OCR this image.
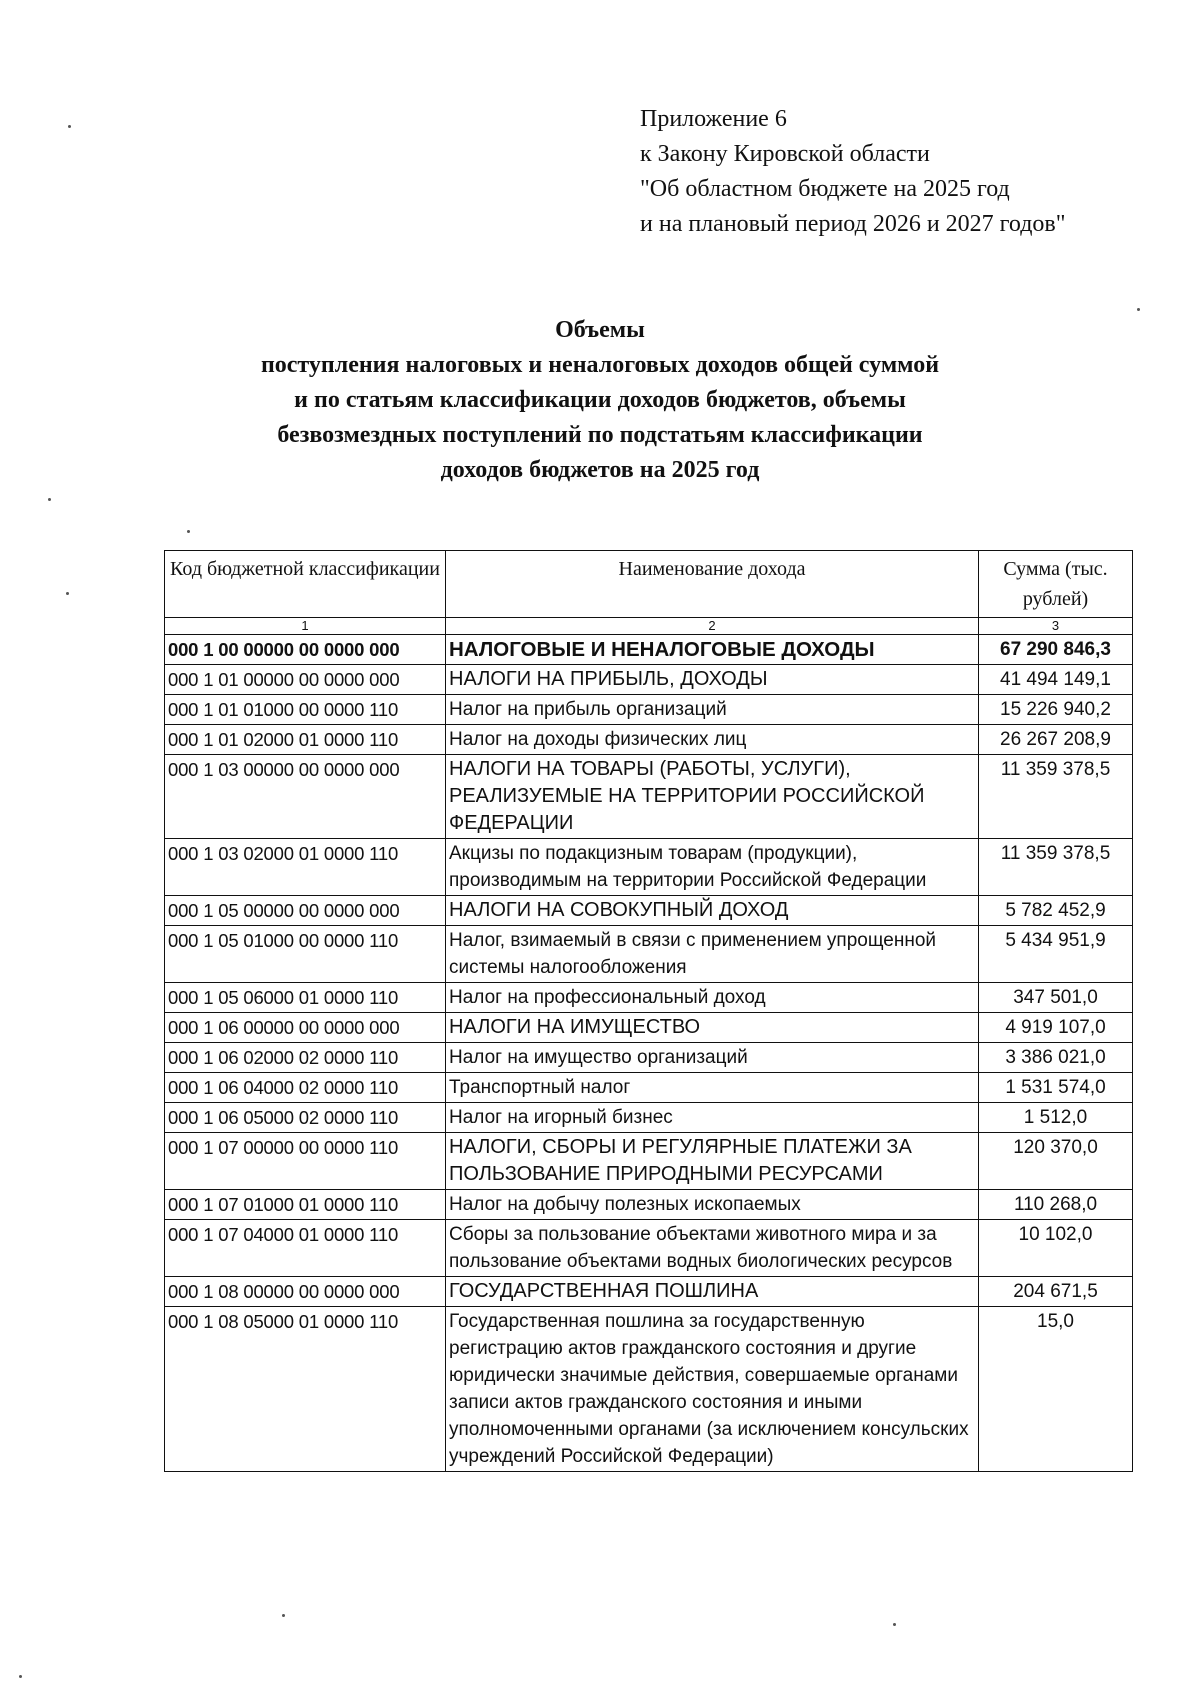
Приложение 6
к Закону Кировской области
"Об областном бюджете на 2025 год
и на плановый период 2026 и 2027 годов"
Объемы
поступления налоговых и неналоговых доходов общей суммой
и по статьям классификации доходов бюджетов, объемы
безвозмездных поступлений по подстатьям классификации
доходов бюджетов на 2025 год
Код бюджетной классификации	Наименование дохода	Сумма (тыс. рублей)
1	2	3
000 1 00 00000 00 0000 000	НАЛОГОВЫЕ И НЕНАЛОГОВЫЕ ДОХОДЫ	67 290 846,3
000 1 01 00000 00 0000 000	НАЛОГИ НА ПРИБЫЛЬ, ДОХОДЫ	41 494 149,1
000 1 01 01000 00 0000 110	Налог на прибыль организаций	15 226 940,2
000 1 01 02000 01 0000 110	Налог на доходы физических лиц	26 267 208,9
000 1 03 00000 00 0000 000	НАЛОГИ НА ТОВАРЫ (РАБОТЫ, УСЛУГИ), РЕАЛИЗУЕМЫЕ НА ТЕРРИТОРИИ РОССИЙСКОЙ ФЕДЕРАЦИИ	11 359 378,5
000 1 03 02000 01 0000 110	Акцизы по подакцизным товарам (продукции), производимым на территории Российской Федерации	11 359 378,5
000 1 05 00000 00 0000 000	НАЛОГИ НА СОВОКУПНЫЙ ДОХОД	5 782 452,9
000 1 05 01000 00 0000 110	Налог, взимаемый в связи с применением упрощенной системы налогообложения	5 434 951,9
000 1 05 06000 01 0000 110	Налог на профессиональный доход	347 501,0
000 1 06 00000 00 0000 000	НАЛОГИ НА ИМУЩЕСТВО	4 919 107,0
000 1 06 02000 02 0000 110	Налог на имущество организаций	3 386 021,0
000 1 06 04000 02 0000 110	Транспортный налог	1 531 574,0
000 1 06 05000 02 0000 110	Налог на игорный бизнес	1 512,0
000 1 07 00000 00 0000 110	НАЛОГИ, СБОРЫ И РЕГУЛЯРНЫЕ ПЛАТЕЖИ ЗА ПОЛЬЗОВАНИЕ ПРИРОДНЫМИ РЕСУРСАМИ	120 370,0
000 1 07 01000 01 0000 110	Налог на добычу полезных ископаемых	110 268,0
000 1 07 04000 01 0000 110	Сборы за пользование объектами животного мира и за пользование объектами водных биологических ресурсов	10 102,0
000 1 08 00000 00 0000 000	ГОСУДАРСТВЕННАЯ ПОШЛИНА	204 671,5
000 1 08 05000 01 0000 110	Государственная пошлина за государственную регистрацию актов гражданского состояния и другие юридически значимые действия, совершаемые органами записи актов гражданского состояния и иными уполномоченными органами (за исключением консульских учреждений Российской Федерации)	15,0
